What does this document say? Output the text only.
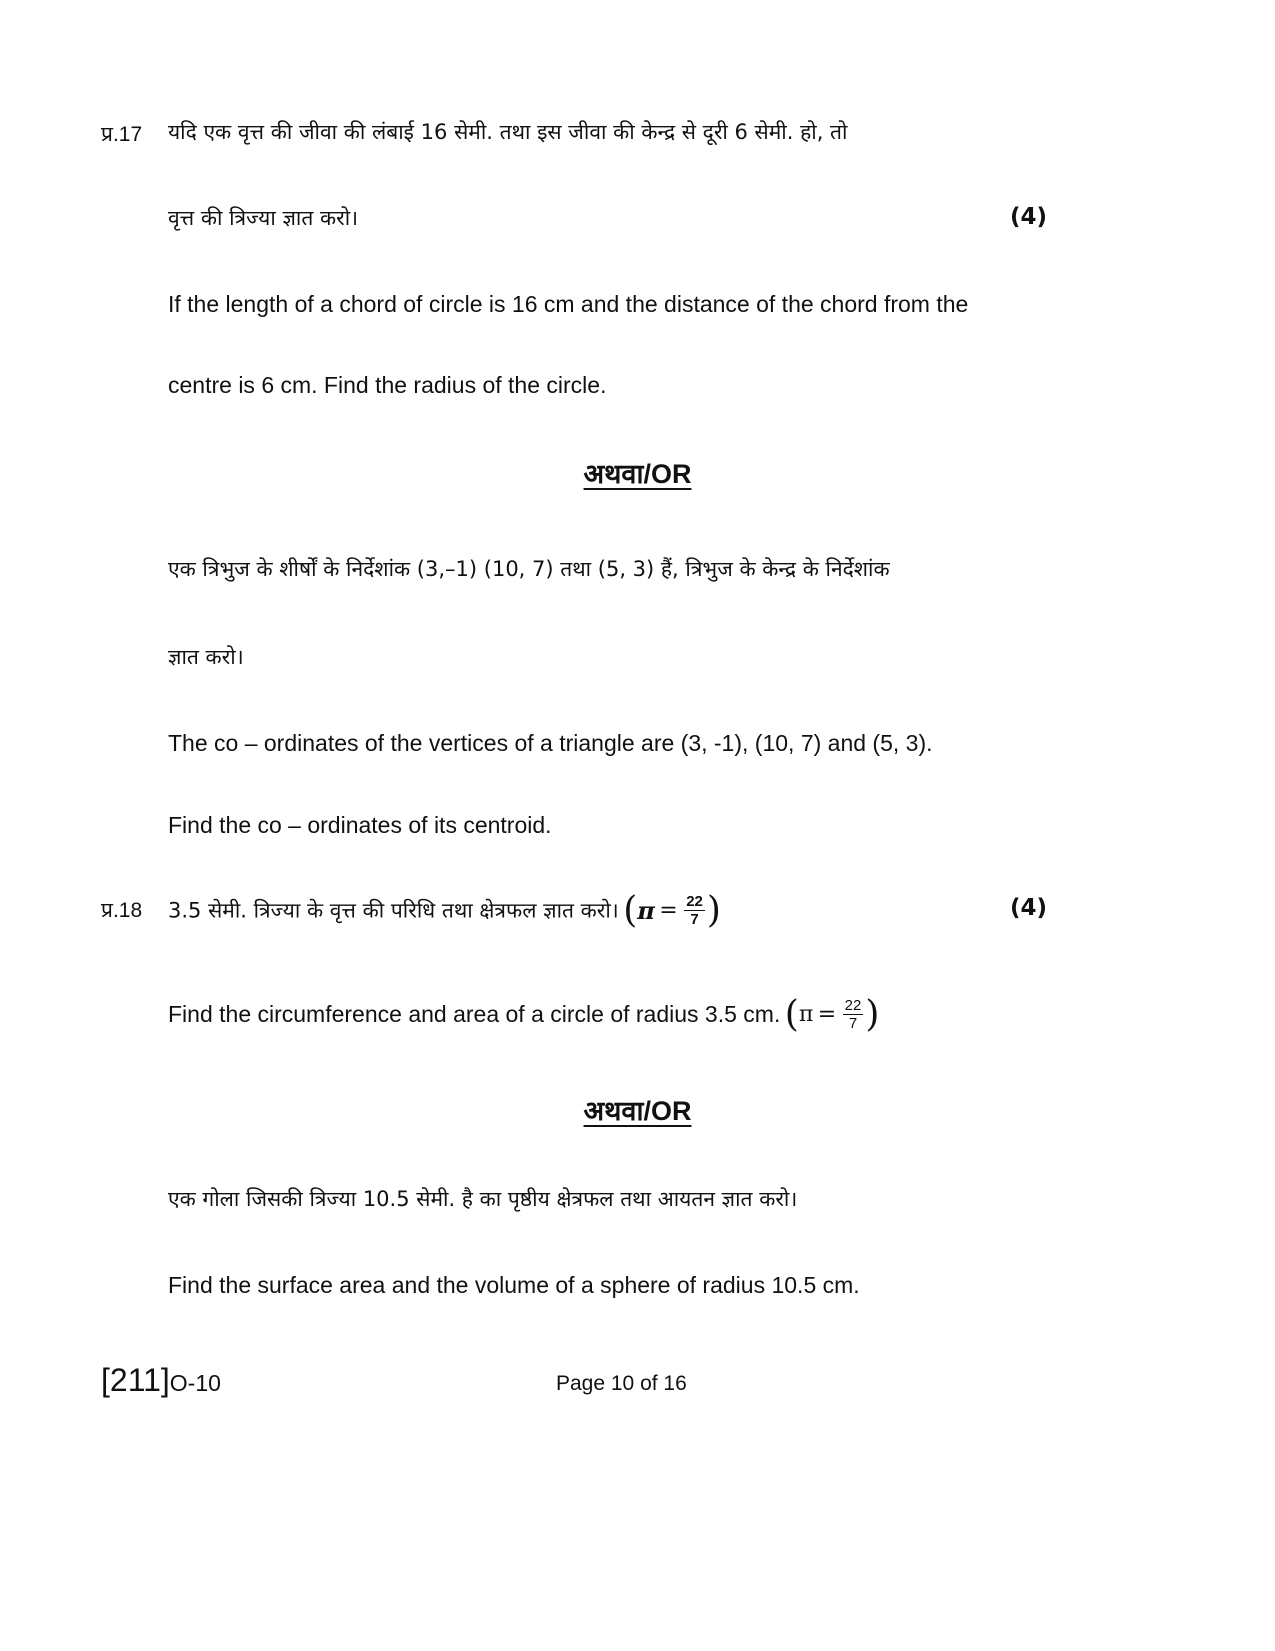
प्र.17 यदि एक वृत्त की जीवा की लंबाई 16 सेमी. तथा इस जीवा की केन्द्र से दूरी 6 सेमी. हो, तो
वृत्त की त्रिज्या ज्ञात करो।	(4)
If the length of a chord of circle is 16 cm and the distance of the chord from the
centre is 6 cm. Find the radius of the circle.
अथवा/OR
एक त्रिभुज के शीर्षों के निर्देशांक (3,–1) (10, 7) तथा (5, 3) हैं, त्रिभुज के केन्द्र के निर्देशांक
ज्ञात करो।
The co – ordinates of the vertices of a triangle are (3, -1), (10, 7) and (5, 3).
Find the co – ordinates of its centroid.
प्र.18 3.5 सेमी. त्रिज्या के वृत्त की परिधि तथा क्षेत्रफल ज्ञात करो। ($\pi = \frac{22}{7}$ )	(4)
Find the circumference and area of a circle of radius 3.5 cm. ($\pi = \frac{22}{7}$ )
अथवा/OR
एक गोला जिसकी त्रिज्या 10.5 सेमी. है का पृष्ठीय क्षेत्रफल तथा आयतन ज्ञात करो।
Find the surface area and the volume of a sphere of radius 10.5 cm.
[211]O-10	Page 10 of 16
